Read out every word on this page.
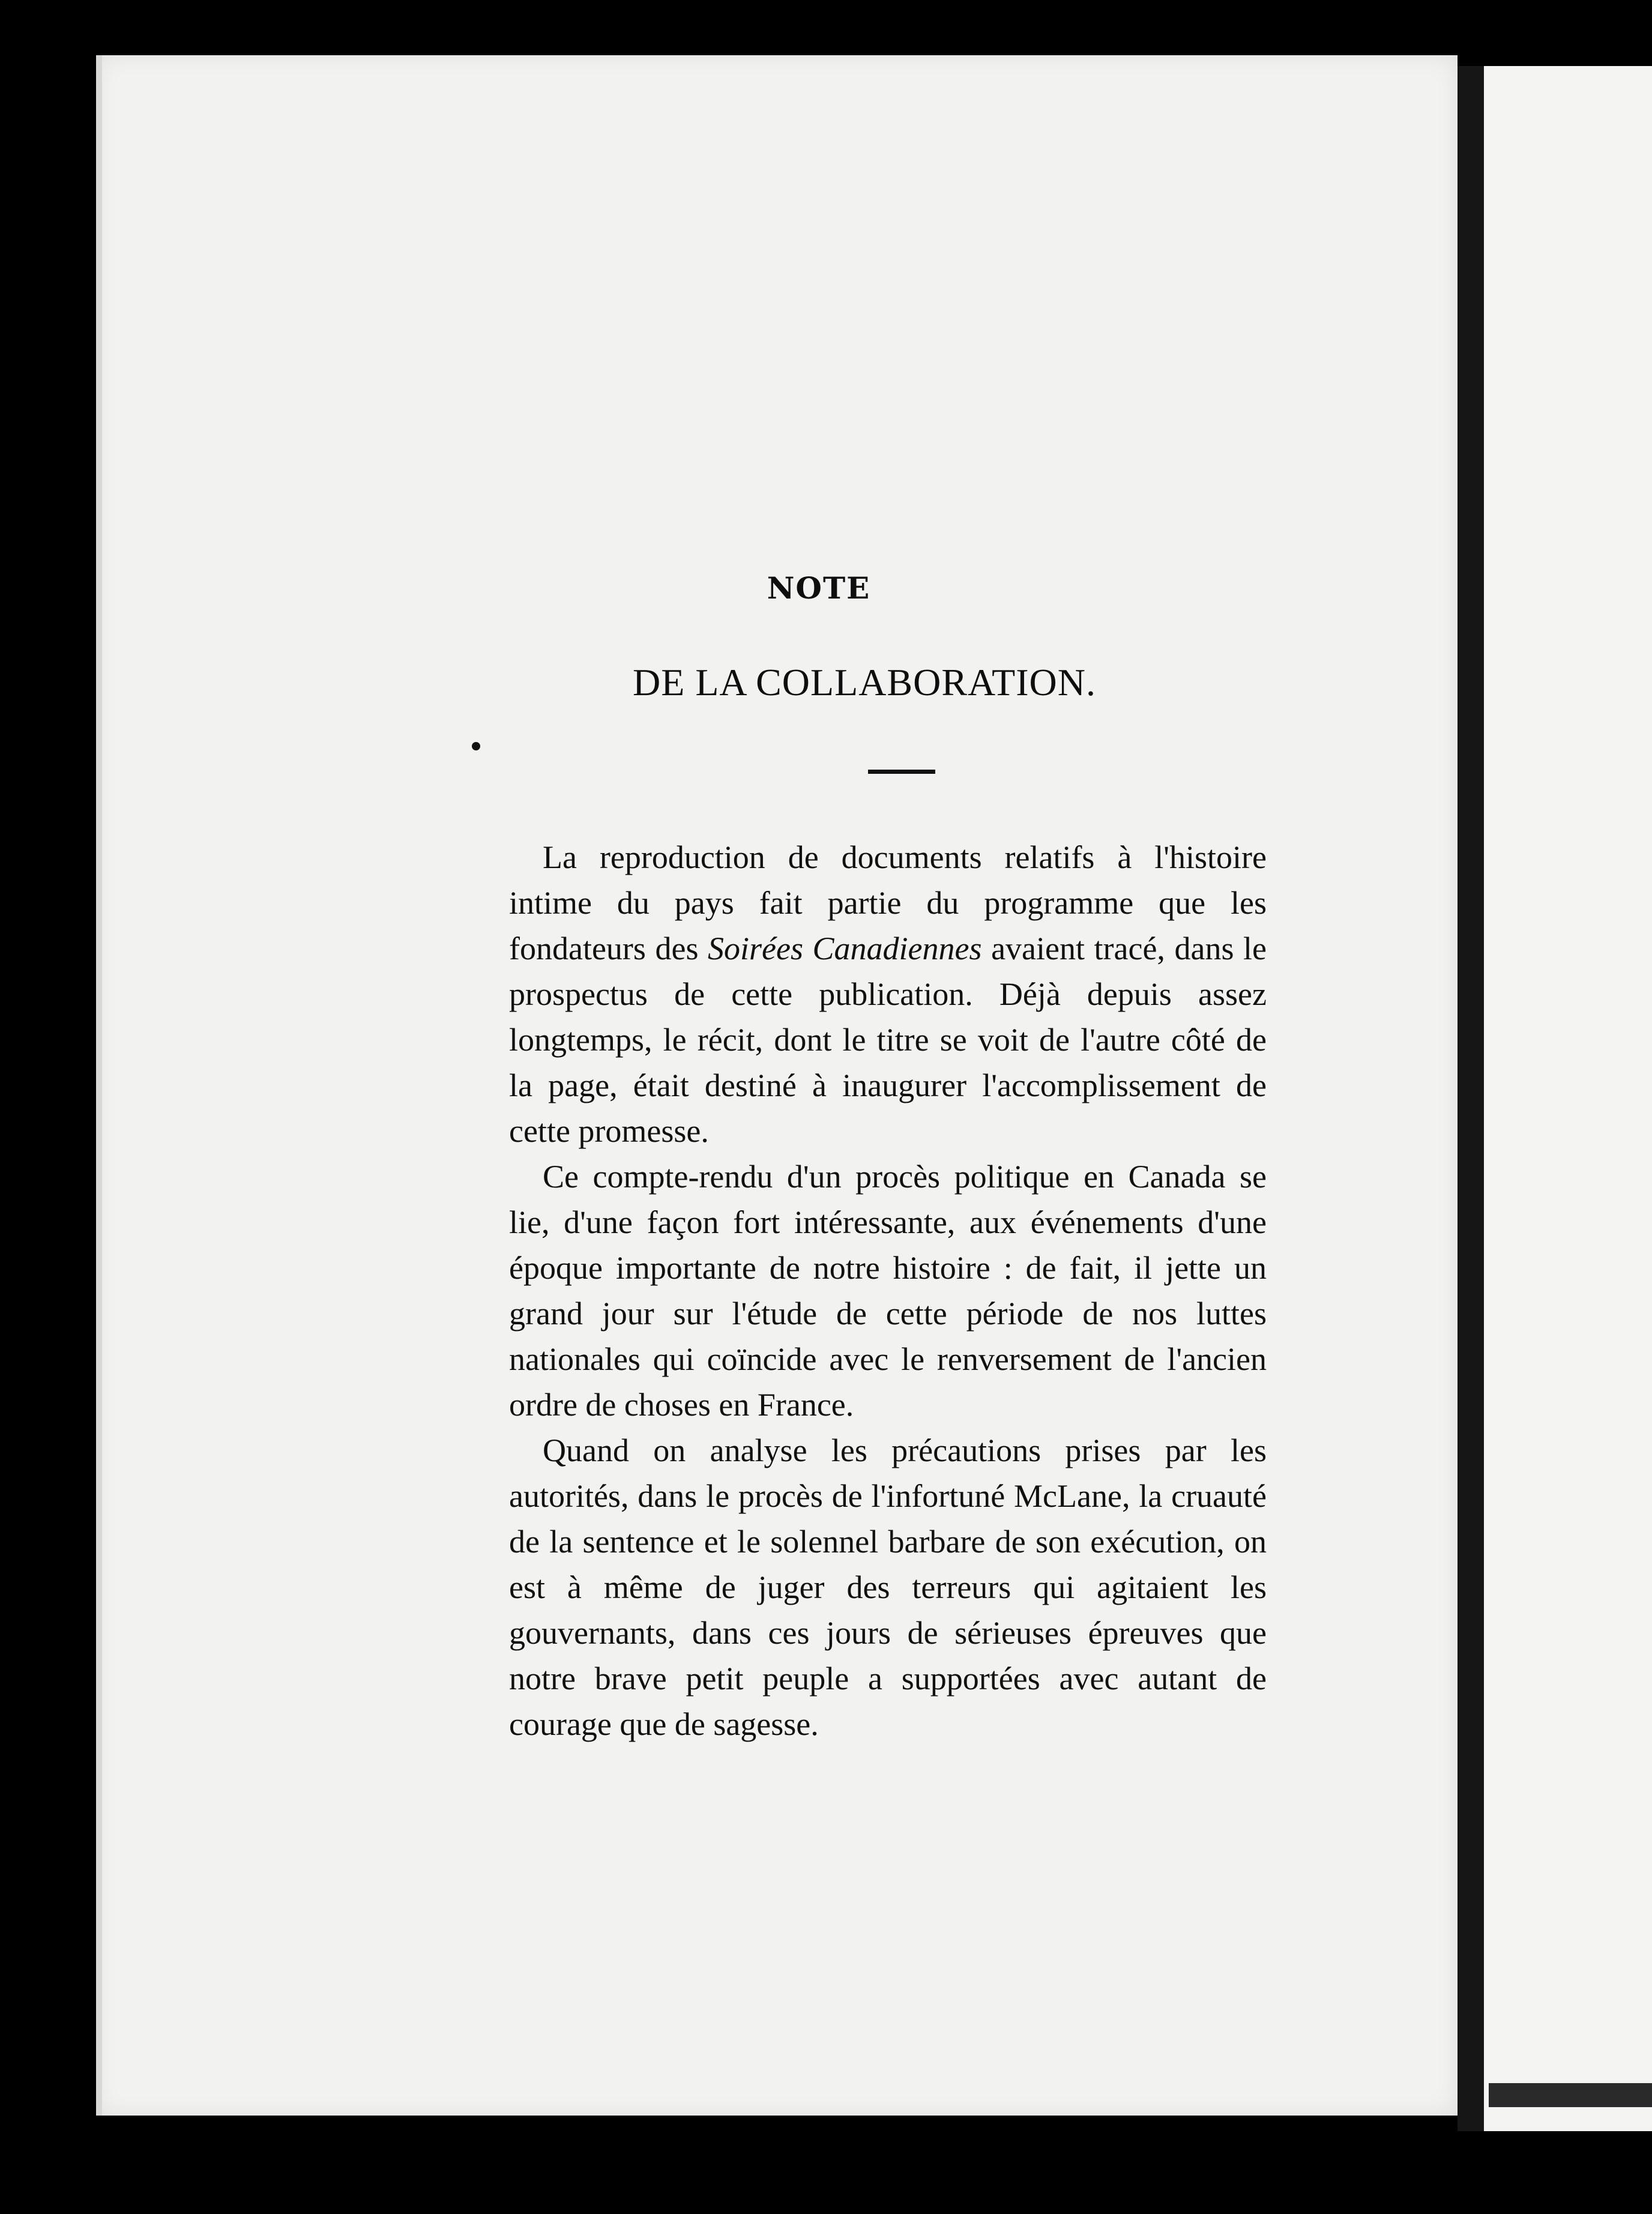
NOTE
DE LA COLLABORATION.

La reproduction de documents relatifs à l'histoire intime du pays fait partie du programme que les fondateurs des Soirées Canadiennes avaient tracé, dans le prospectus de cette publication. Déjà depuis assez longtemps, le récit, dont le titre se voit de l'autre côté de la page, était destiné à inaugurer l'accomplissement de cette promesse.

Ce compte-rendu d'un procès politique en Canada se lie, d'une façon fort intéressante, aux événements d'une époque importante de notre histoire : de fait, il jette un grand jour sur l'étude de cette période de nos luttes nationales qui coïncide avec le renversement de l'ancien ordre de choses en France.

Quand on analyse les précautions prises par les autorités, dans le procès de l'infortuné McLane, la cruauté de la sentence et le solennel barbare de son exécution, on est à même de juger des terreurs qui agitaient les gouvernants, dans ces jours de sérieuses épreuves que notre brave petit peuple a supportées avec autant de courage que de sagesse.
